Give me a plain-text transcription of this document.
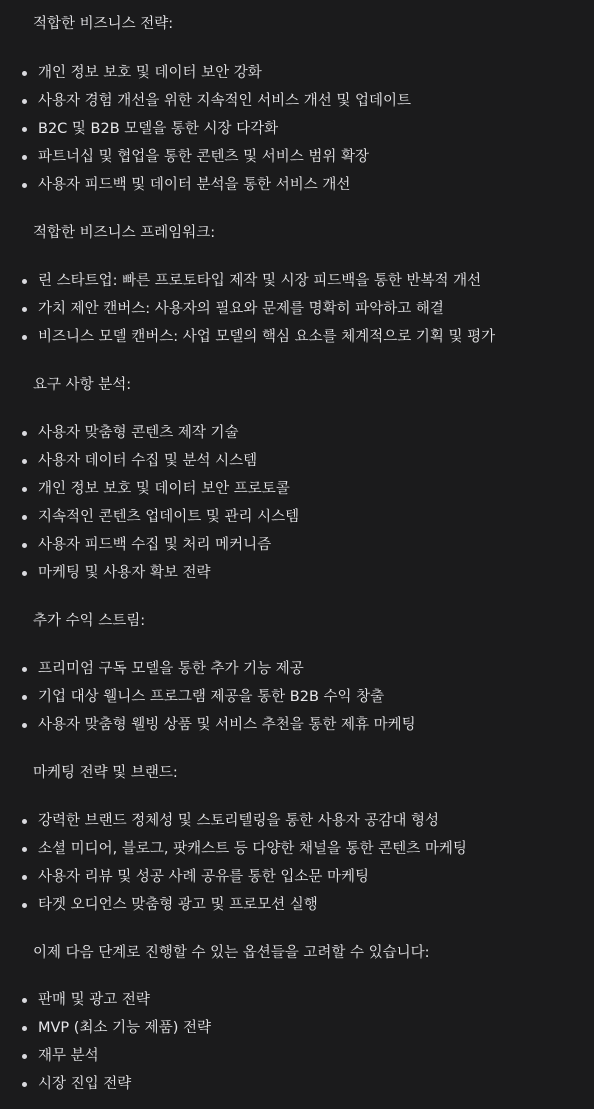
적합한 비즈니스 전략:

개인 정보 보호 및 데이터 보안 강화
사용자 경험 개선을 위한 지속적인 서비스 개선 및 업데이트
B2C 및 B2B 모델을 통한 시장 다각화
파트너십 및 협업을 통한 콘텐츠 및 서비스 범위 확장
사용자 피드백 및 데이터 분석을 통한 서비스 개선

적합한 비즈니스 프레임워크:

린 스타트업: 빠른 프로토타입 제작 및 시장 피드백을 통한 반복적 개선
가치 제안 캔버스: 사용자의 필요와 문제를 명확히 파악하고 해결
비즈니스 모델 캔버스: 사업 모델의 핵심 요소를 체계적으로 기획 및 평가

요구 사항 분석:

사용자 맞춤형 콘텐츠 제작 기술
사용자 데이터 수집 및 분석 시스템
개인 정보 보호 및 데이터 보안 프로토콜
지속적인 콘텐츠 업데이트 및 관리 시스템
사용자 피드백 수집 및 처리 메커니즘
마케팅 및 사용자 확보 전략

추가 수익 스트림:

프리미엄 구독 모델을 통한 추가 기능 제공
기업 대상 웰니스 프로그램 제공을 통한 B2B 수익 창출
사용자 맞춤형 웰빙 상품 및 서비스 추천을 통한 제휴 마케팅

마케팅 전략 및 브랜드:

강력한 브랜드 정체성 및 스토리텔링을 통한 사용자 공감대 형성
소셜 미디어, 블로그, 팟캐스트 등 다양한 채널을 통한 콘텐츠 마케팅
사용자 리뷰 및 성공 사례 공유를 통한 입소문 마케팅
타겟 오디언스 맞춤형 광고 및 프로모션 실행

이제 다음 단계로 진행할 수 있는 옵션들을 고려할 수 있습니다:

판매 및 광고 전략
MVP (최소 기능 제품) 전략
재무 분석
시장 진입 전략
